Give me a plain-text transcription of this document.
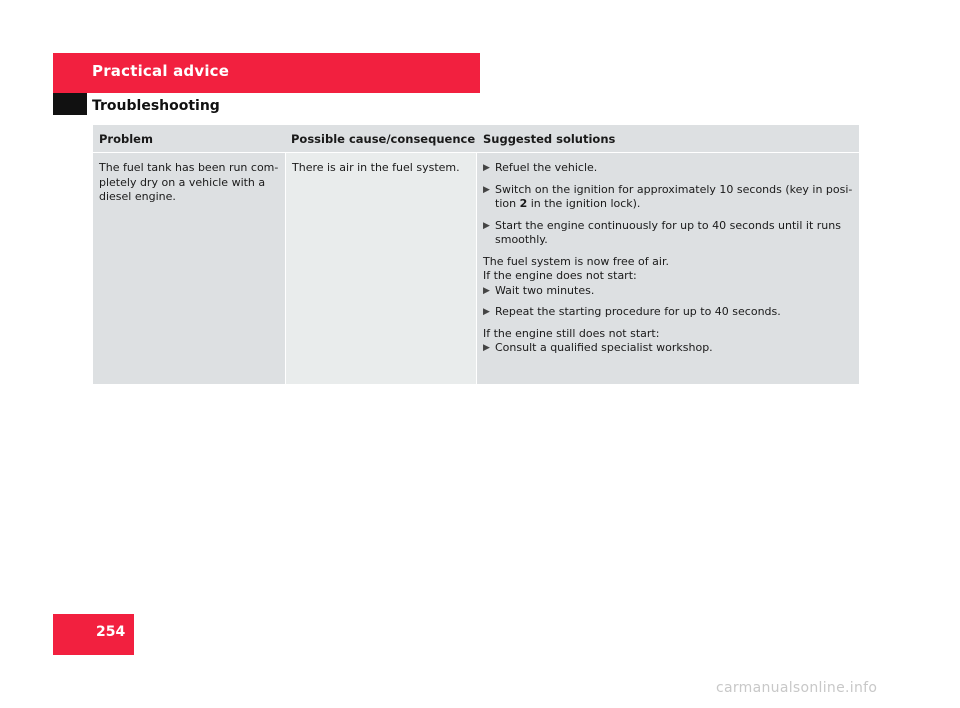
Practical advice
Troubleshooting
Problem	Possible cause/consequence Suggested solutions

The fuel tank has been run com-

pletely dry on a vehicle with a

diesel engine.

There is air in the fuel system.	▶ Refuel the vehicle.
▶ Switch on the ignition for approximately 10 seconds (key in posi-
tion 2 in the ignition lock).
▶ Start the engine continuously for up to 40 seconds until it runs
smoothly.

The fuel system is now free of air.

If the engine does not start:

▶ Wait two minutes.
▶ Repeat the starting procedure for up to 40 seconds.

If the engine still does not start:

▶ Consult a qualified specialist workshop.
254
carmanualsonline.info
